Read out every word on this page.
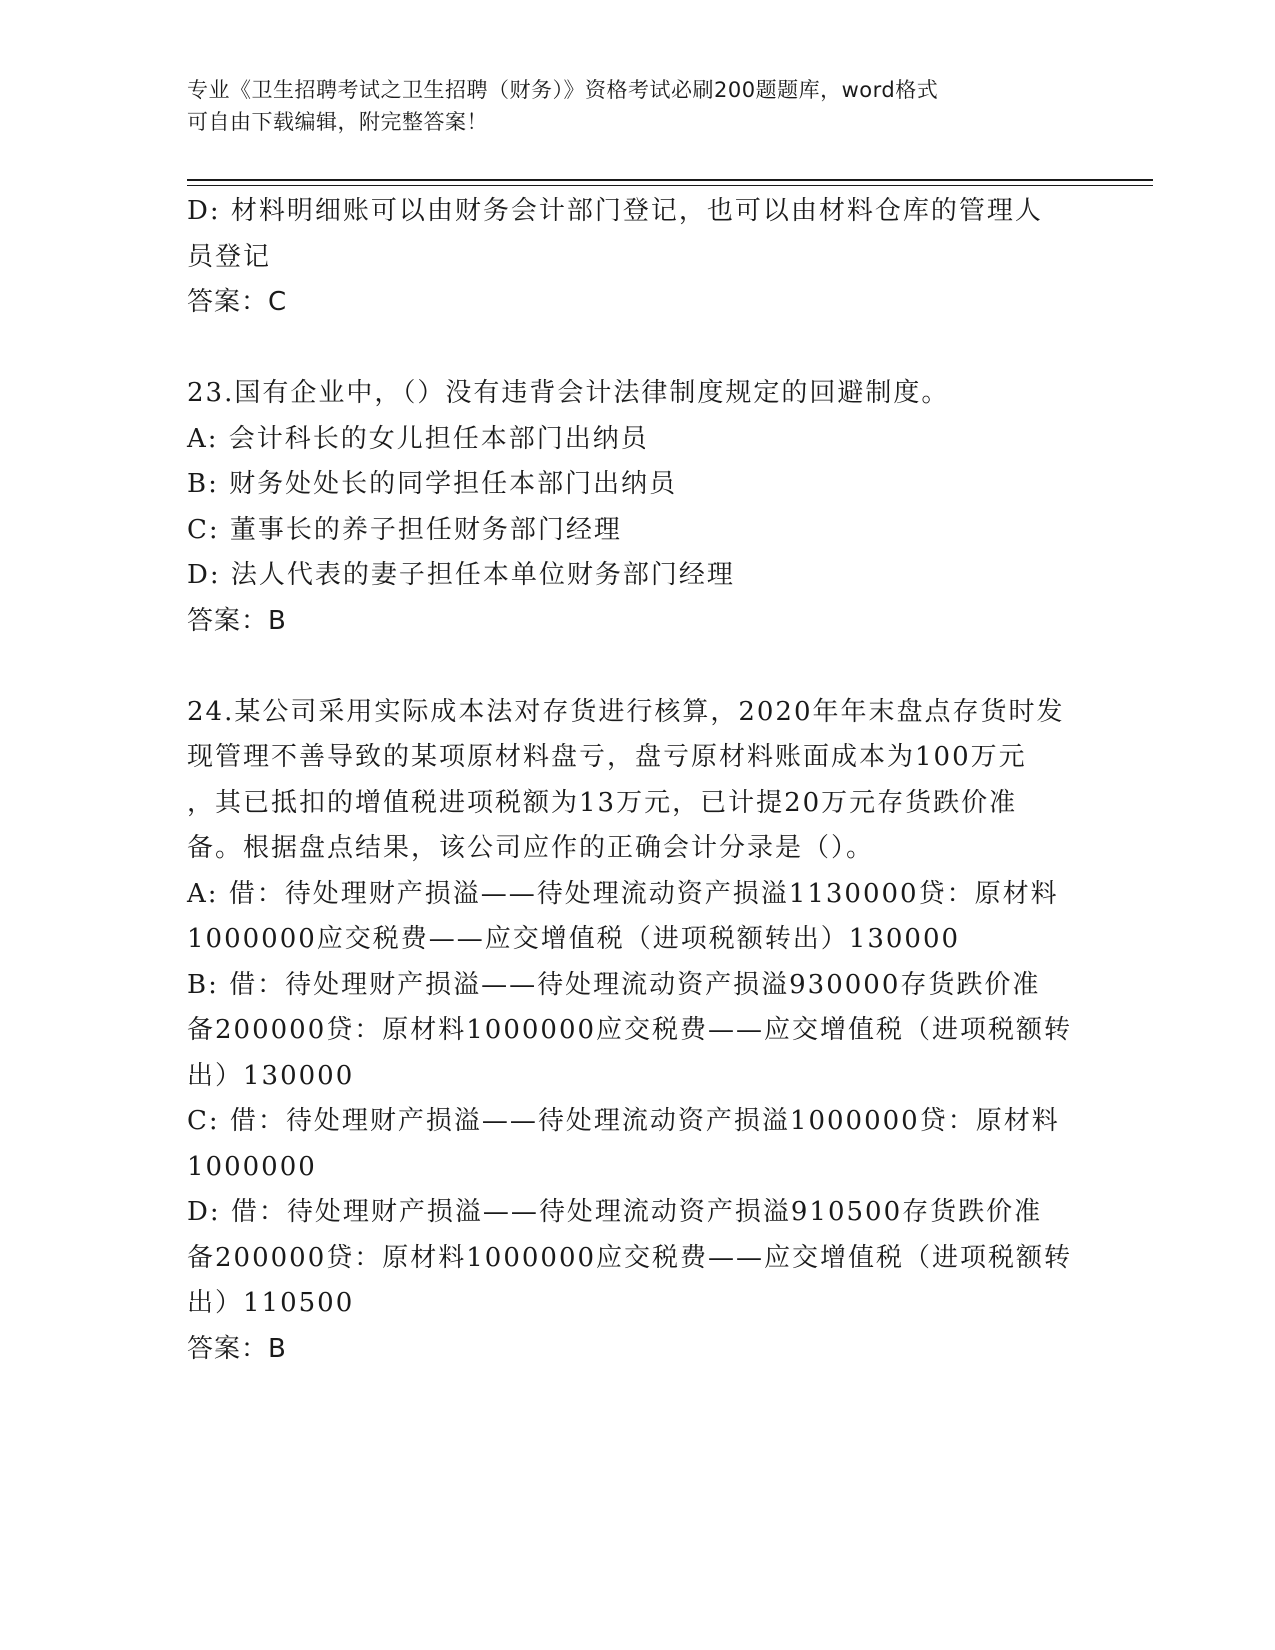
专业《卫生招聘考试之卫生招聘（财务）》资格考试必刷200题题库，word格式
可自由下载编辑，附完整答案！
D: 材料明细账可以由财务会计部门登记，也可以由材料仓库的管理人
员登记
答案：C
23.国有企业中，（）没有违背会计法律制度规定的回避制度。
A: 会计科长的女儿担任本部门出纳员
B: 财务处处长的同学担任本部门出纳员
C: 董事长的养子担任财务部门经理
D: 法人代表的妻子担任本单位财务部门经理
答案：B
24.某公司采用实际成本法对存货进行核算，2020年年末盘点存货时发
现管理不善导致的某项原材料盘亏，盘亏原材料账面成本为100万元
，其已抵扣的增值税进项税额为13万元，已计提20万元存货跌价准
备。根据盘点结果，该公司应作的正确会计分录是（）。
A: 借：待处理财产损溢——待处理流动资产损溢1130000贷：原材料
1000000应交税费——应交增值税（进项税额转出）130000
B: 借：待处理财产损溢——待处理流动资产损溢930000存货跌价准
备200000贷：原材料1000000应交税费——应交增值税（进项税额转
出）130000
C: 借：待处理财产损溢——待处理流动资产损溢1000000贷：原材料
1000000
D: 借：待处理财产损溢——待处理流动资产损溢910500存货跌价准
备200000贷：原材料1000000应交税费——应交增值税（进项税额转
出）110500
答案：B
